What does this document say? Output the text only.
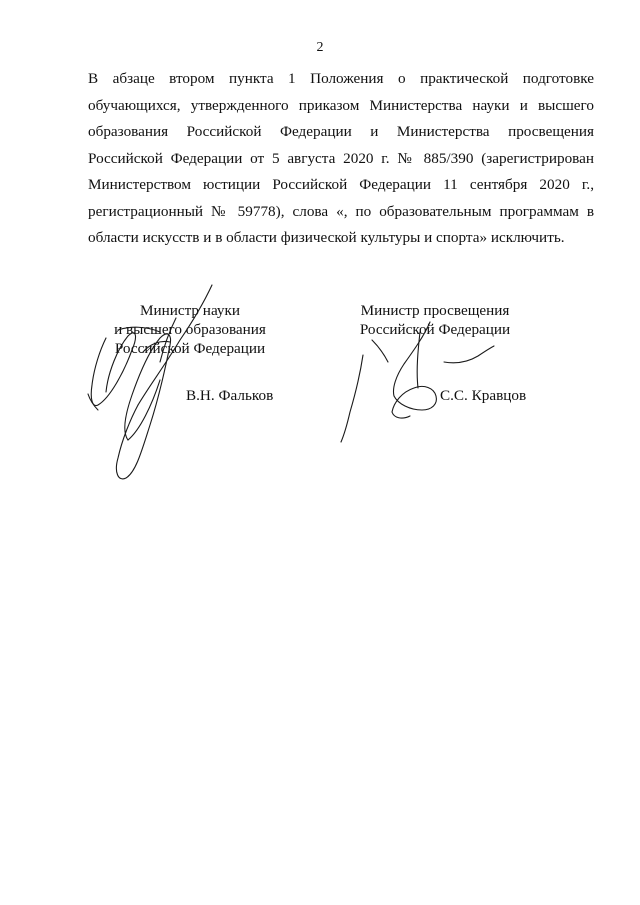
2

В абзаце втором пункта 1 Положения о практической подготовке обучающихся, утвержденного приказом Министерства науки и высшего образования Российской Федерации и Министерства просвещения Российской Федерации от 5 августа 2020 г. № 885/390 (зарегистрирован Министерством юстиции Российской Федерации 11 сентября 2020 г., регистрационный № 59778), слова «, по образовательным программам в области искусств и в области физической культуры и спорта» исключить.

Министр науки
и высшего образования
Российской Федерации
В.Н. Фальков
Министр просвещения
Российской Федерации
С.С. Кравцов
